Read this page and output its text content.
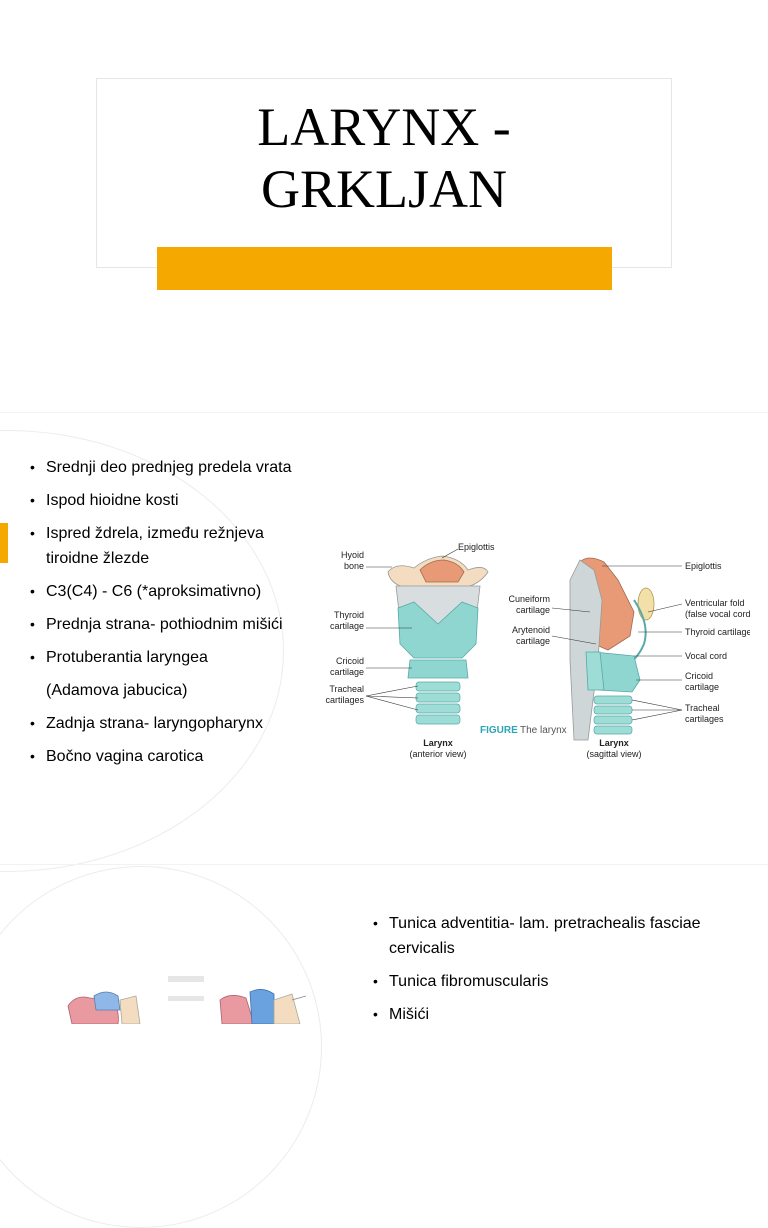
LARYNX -
GRKLJAN
• Srednji deo prednjeg predela vrata
• Ispod hioidne kosti
• Ispred ždrela, između režnjeva tiroidne žlezde
• C3(C4) - C6 (*aproksimativno)
• Prednja strana- pothiodnim mišići
• Protuberantia laryngea
(Adamova jabucica)
• Zadnja strana- laryngopharynx
• Bočno vagina carotica
Epiglottis
Hyoid
bone
Thyroid
cartilage
Cricoid
cartilage
Tracheal
cartilages
Larynx
(anterior view)
FIGURE The larynx
Cuneiform
cartilage
Arytenoid
cartilage
Epiglottis
Ventricular fold
(false vocal cord)
Thyroid cartilage
Vocal cord
Cricoid
cartilage
Tracheal
cartilages
Larynx
(sagittal view)
• Tunica adventitia- lam. pretrachealis fasciae cervicalis
• Tunica fibromuscularis
• Mišići
